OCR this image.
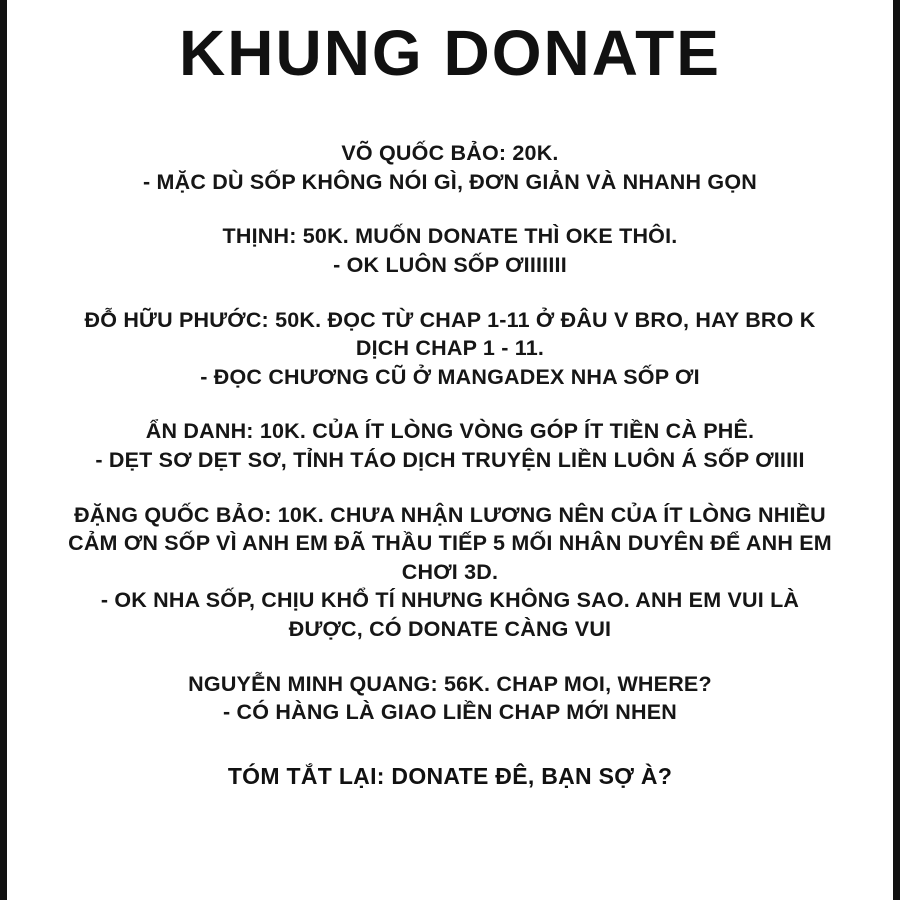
KHUNG DONATE
VÕ QUỐC BẢO: 20K.
- MẶC DÙ SỐP KHÔNG NÓI GÌ, ĐƠN GIẢN VÀ NHANH GỌN
THỊNH: 50K. MUỐN DONATE THÌ OKE THÔI.
- OK LUÔN SỐP ƠIIIIIII
ĐỖ HỮU PHƯỚC: 50K. ĐỌC TỪ CHAP 1-11 Ở ĐÂU V BRO, HAY BRO K
DỊCH CHAP 1 - 11.
- ĐỌC CHƯƠNG CŨ Ở MANGADEX NHA SỐP ƠI
ẨN DANH: 10K. CỦA ÍT LÒNG VÒNG GÓP ÍT TIỀN CÀ PHÊ.
- DẸT SƠ DẸT SƠ, TỈNH TÁO DỊCH TRUYỆN LIỀN LUÔN Á SỐP ƠIIIII
ĐẶNG QUỐC BẢO: 10K. CHƯA NHẬN LƯƠNG NÊN CỦA ÍT LÒNG NHIỀU
CẢM ƠN SỐP VÌ ANH EM ĐÃ THẦU TIẾP 5 MỐI NHÂN DUYÊN ĐỂ ANH EM
CHƠI 3D.
- OK NHA SỐP, CHỊU KHỔ TÍ NHƯNG KHÔNG SAO. ANH EM VUI LÀ
ĐƯỢC, CÓ DONATE CÀNG VUI
NGUYỄN MINH QUANG: 56K. CHAP MOI, WHERE?
- CÓ HÀNG LÀ GIAO LIỀN CHAP MỚI NHEN
TÓM TẮT LẠI: DONATE ĐÊ, BẠN SỢ À?
